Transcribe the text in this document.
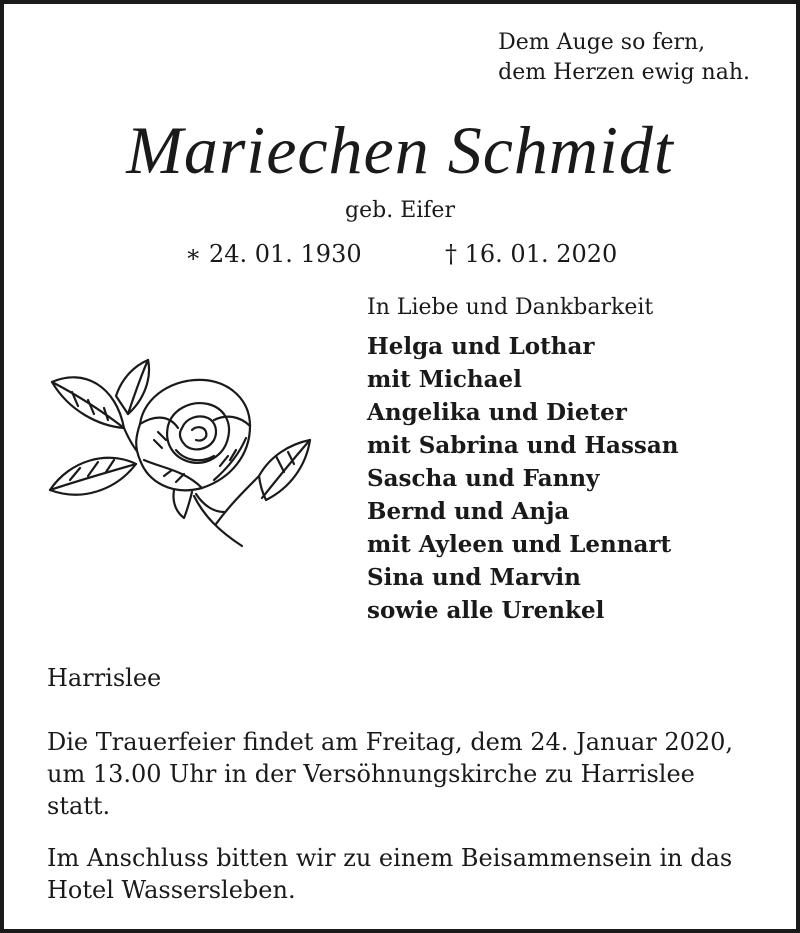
Dem Auge so fern,
dem Herzen ewig nah.
Mariechen Schmidt
geb. Eifer
∗ 24. 01. 1930	† 16. 01. 2020
In Liebe und Dankbarkeit
Helga und Lothar
mit Michael
Angelika und Dieter
mit Sabrina und Hassan
Sascha und Fanny
Bernd und Anja
mit Ayleen und Lennart
Sina und Marvin
sowie alle Urenkel
Harrislee
Die Trauerfeier findet am Freitag, dem 24. Januar 2020, um 13.00 Uhr in der Versöhnungskirche zu Harrislee statt.
Im Anschluss bitten wir zu einem Beisammensein in das Hotel Wassersleben.
